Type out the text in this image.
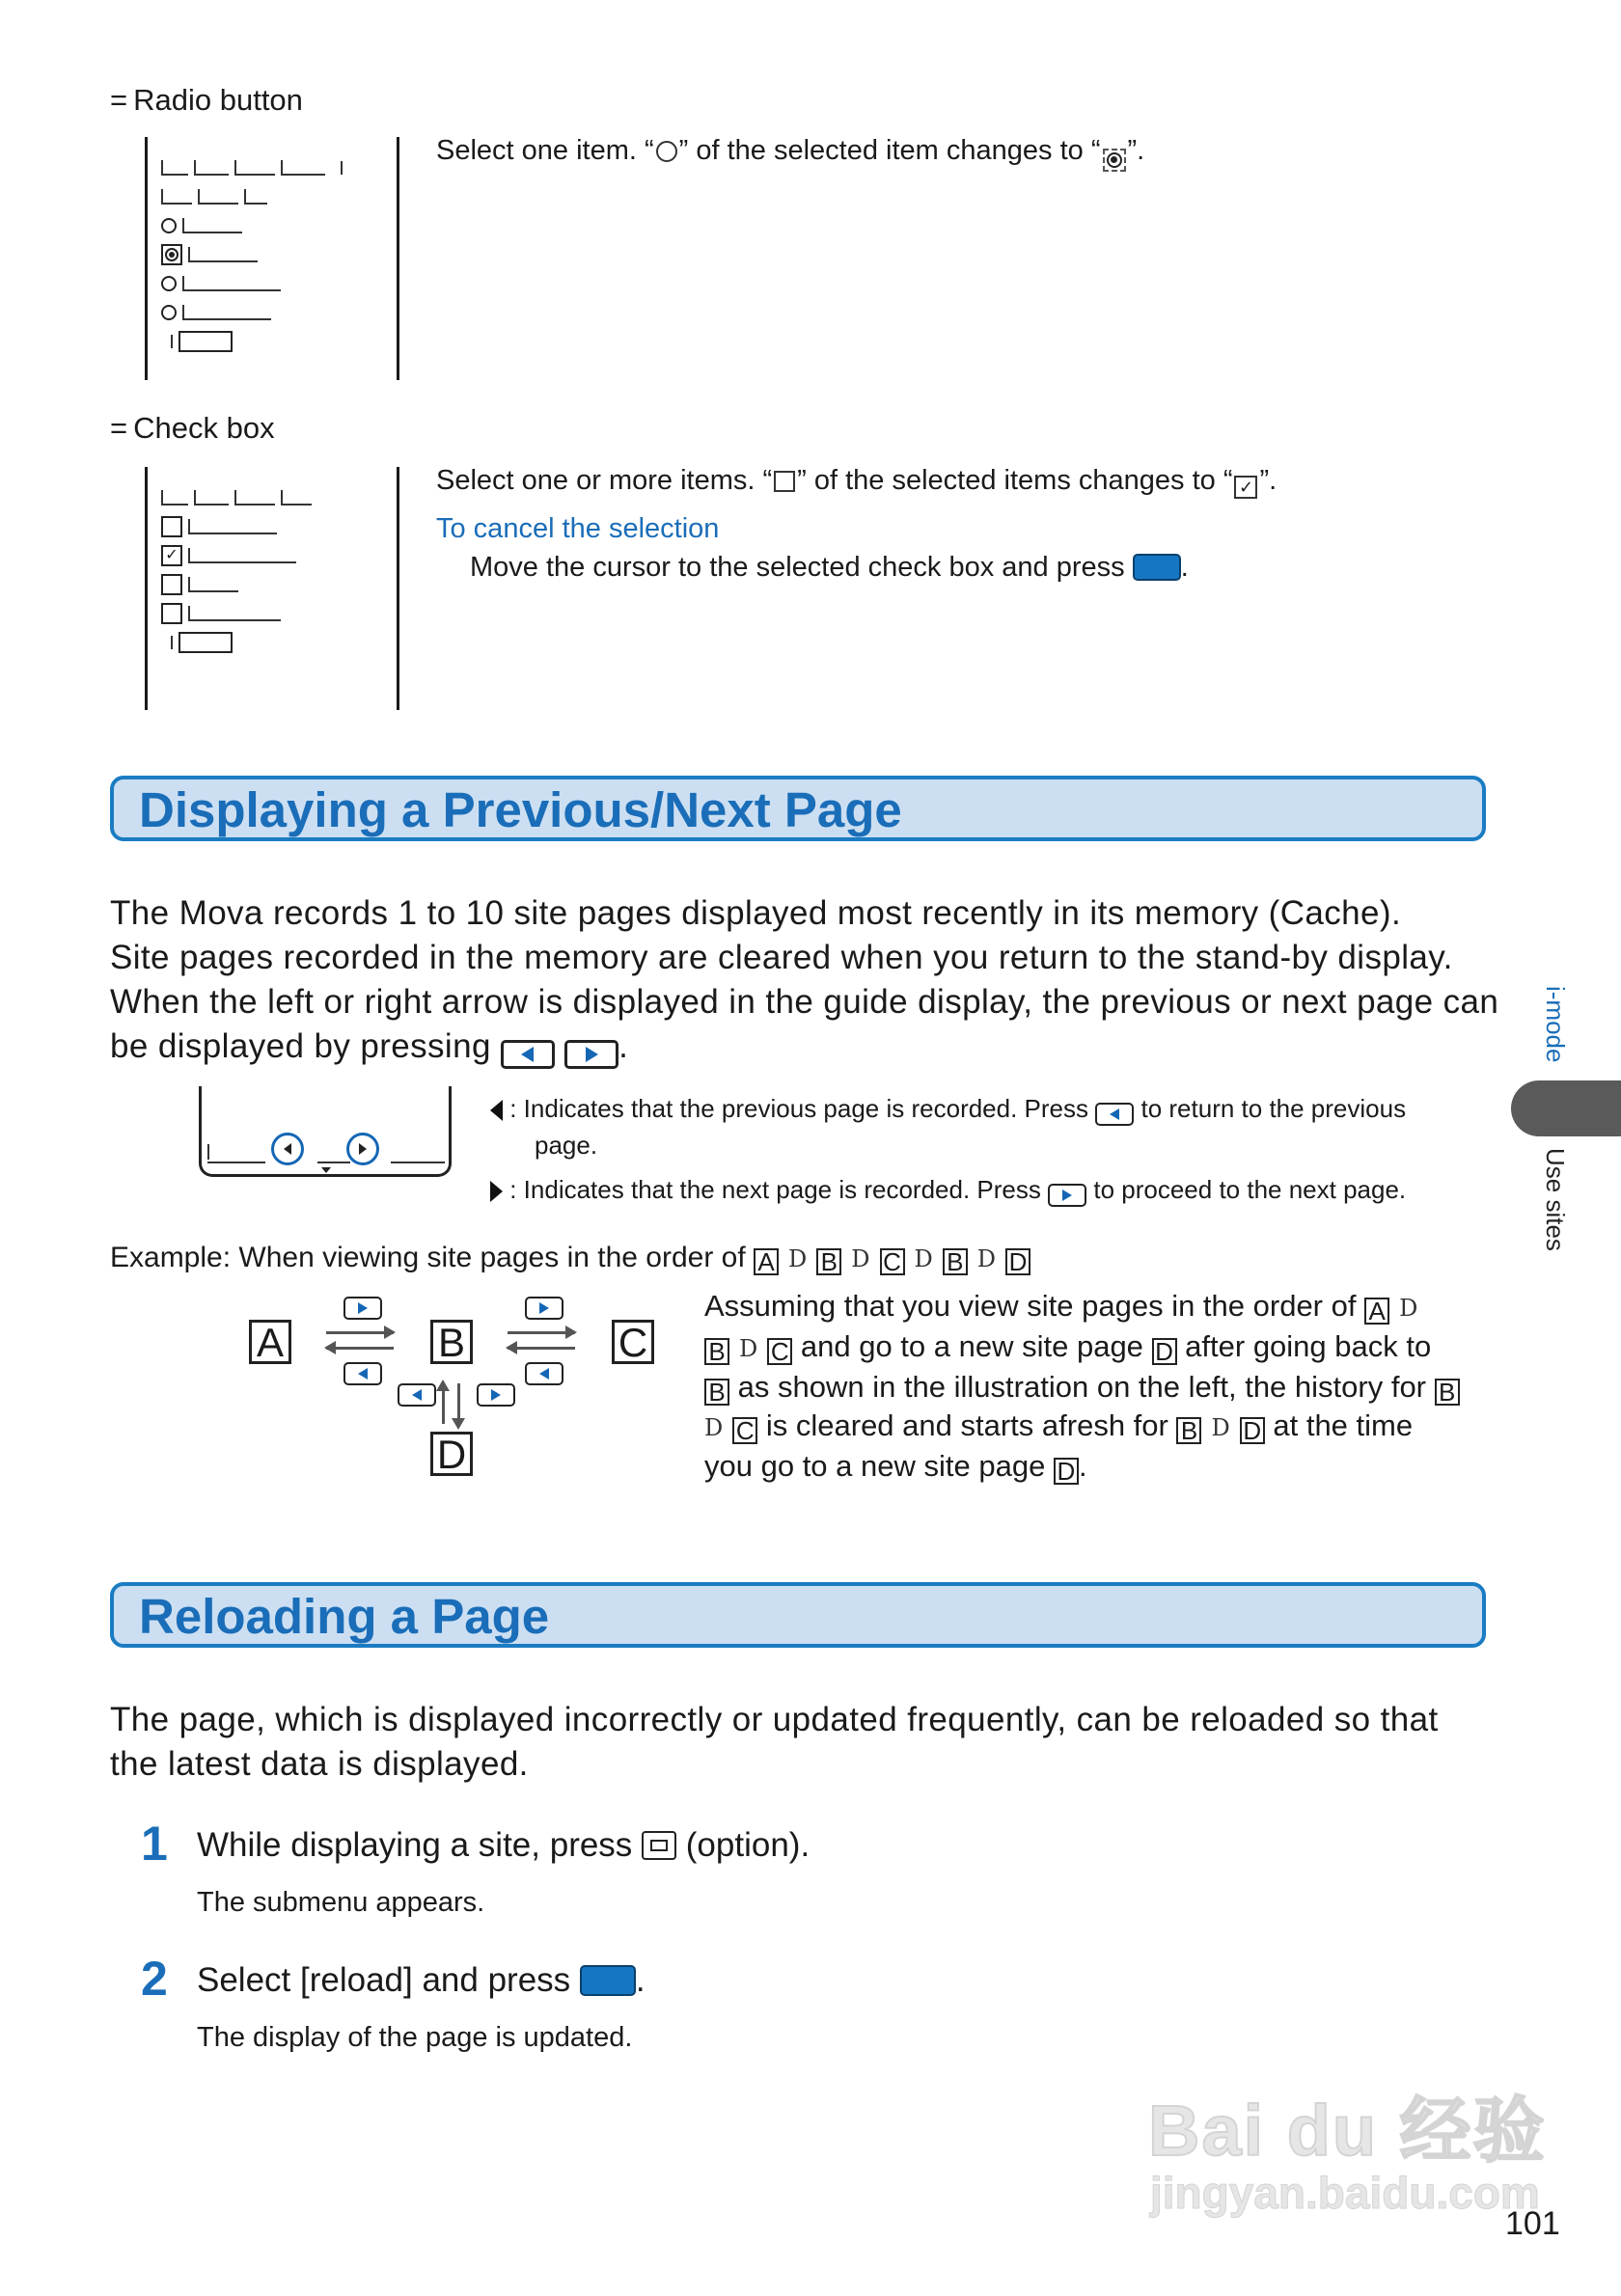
= Radio button
Select one item. “ ” of the selected item changes to “ ”.
= Check box
✓
Select one or more items. “ ” of the selected items changes to “ ✓ ”.
To cancel the selection
Move the cursor to the selected check box and press .
Displaying a Previous/Next Page
The Mova records 1 to 10 site pages displayed most recently in its memory (Cache).
Site pages recorded in the memory are cleared when you return to the stand-by display.
When the left or right arrow is displayed in the guide display, the previous or next page can
be displayed by pressing
	.
: Indicates that the previous page is recorded. Press to return to the previous
page.
: Indicates that the next page is recorded. Press to proceed to the next page.
Example: When viewing site pages in the order of A D B D C D B D D
A	B	C
D
Assuming that you view site pages in the order of A D
B D C and go to a new site page D after going back to
B as shown in the illustration on the left, the history for B
D C is cleared and starts afresh for B D D at the time
you go to a new site page D .
Reloading a Page
The page, which is displayed incorrectly or updated frequently, can be reloaded so that
the latest data is displayed.
1 While displaying a site, press (option).
The submenu appears.
2 Select [reload] and press .
The display of the page is updated.
i-mode
Use sites
Bai du 经验
jingyan.baidu.com
101
